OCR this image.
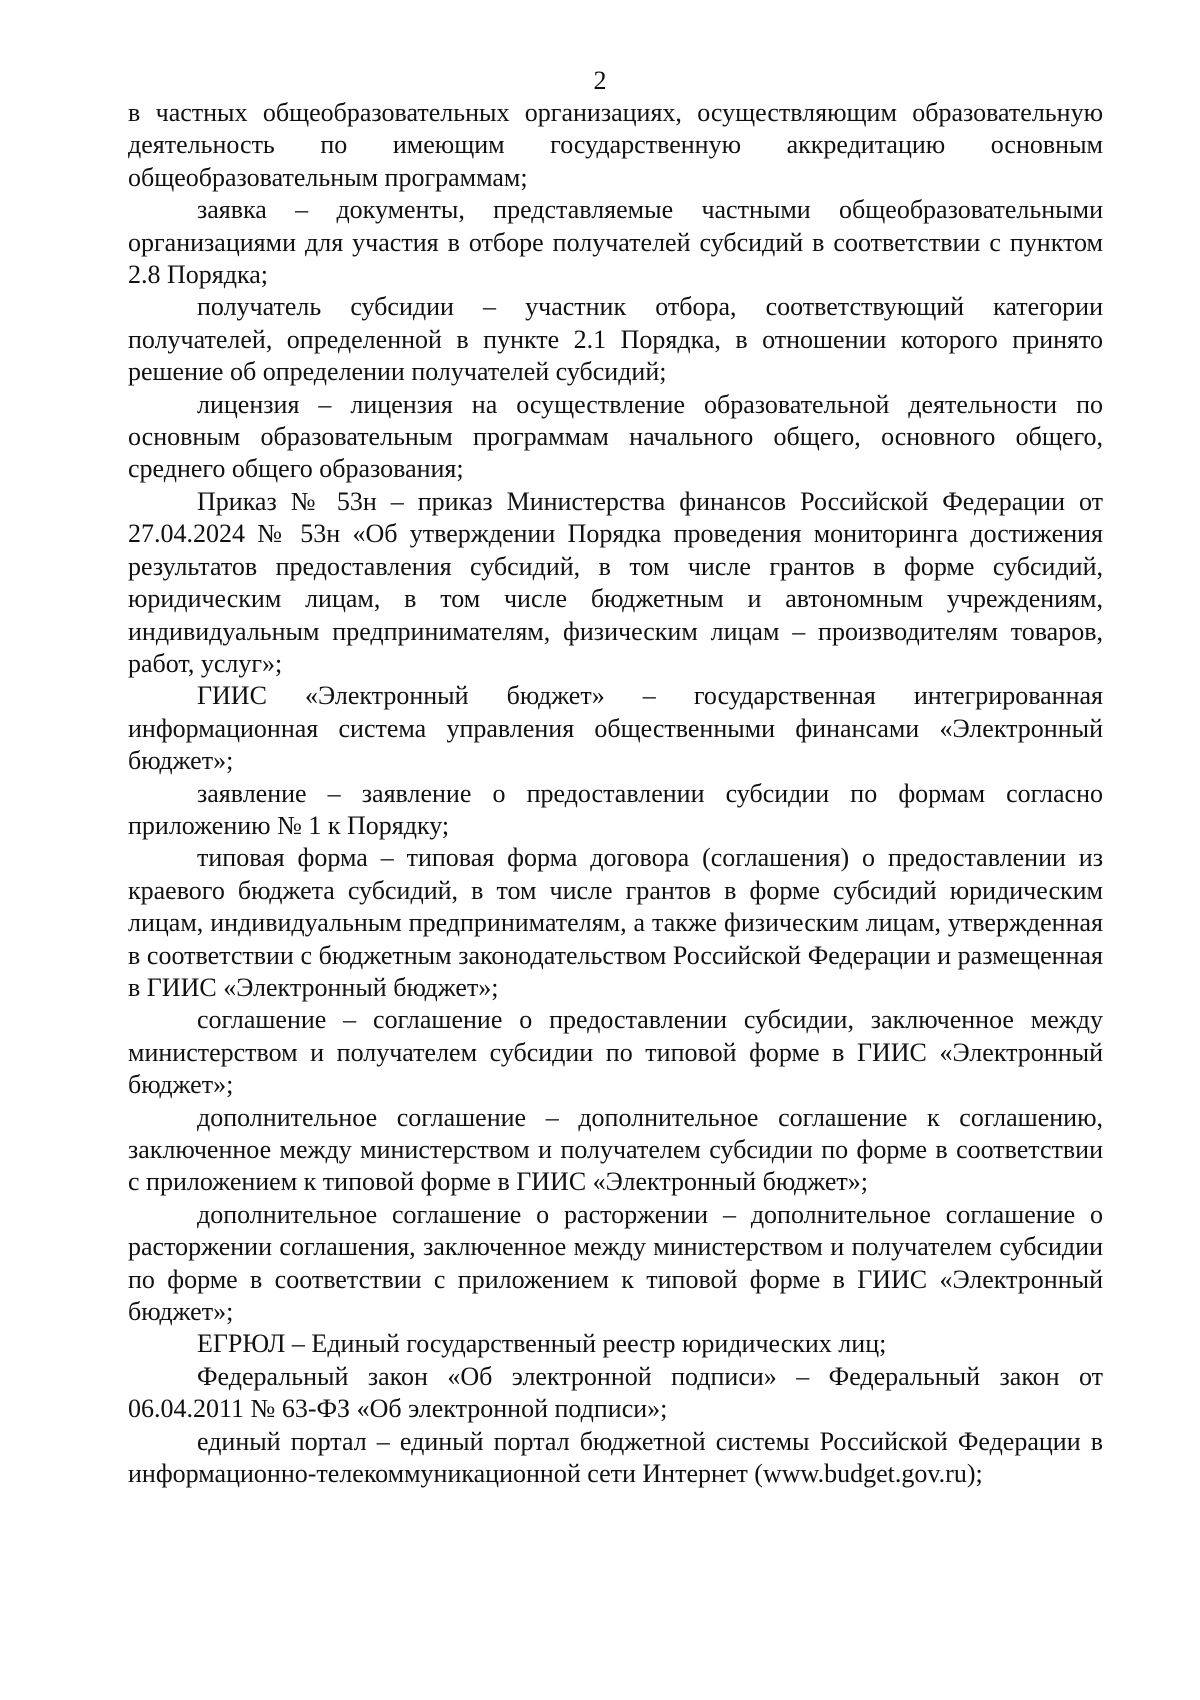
2

в частных общеобразовательных организациях, осуществляющим образовательную деятельность по имеющим государственную аккредитацию основным общеобразовательным программам;

заявка – документы, представляемые частными общеобразовательными организациями для участия в отборе получателей субсидий в соответствии с пунктом 2.8 Порядка;

получатель субсидии – участник отбора, соответствующий категории получателей, определенной в пункте 2.1 Порядка, в отношении которого принято решение об определении получателей субсидий;

лицензия – лицензия на осуществление образовательной деятельности по основным образовательным программам начального общего, основного общего, среднего общего образования;

Приказ № 53н – приказ Министерства финансов Российской Федерации от 27.04.2024 № 53н «Об утверждении Порядка проведения мониторинга достижения результатов предоставления субсидий, в том числе грантов в форме субсидий, юридическим лицам, в том числе бюджетным и автономным учреждениям, индивидуальным предпринимателям, физическим лицам – производителям товаров, работ, услуг»;

ГИИС «Электронный бюджет» – государственная интегрированная информационная система управления общественными финансами «Электронный бюджет»;

заявление – заявление о предоставлении субсидии по формам согласно приложению № 1 к Порядку;

типовая форма – типовая форма договора (соглашения) о предоставлении из краевого бюджета субсидий, в том числе грантов в форме субсидий юридическим лицам, индивидуальным предпринимателям, а также физическим лицам, утвержденная в соответствии с бюджетным законодательством Российской Федерации и размещенная в ГИИС «Электронный бюджет»;

соглашение – соглашение о предоставлении субсидии, заключенное между министерством и получателем субсидии по типовой форме в ГИИС «Электронный бюджет»;

дополнительное соглашение – дополнительное соглашение к соглашению, заключенное между министерством и получателем субсидии по форме в соответствии с приложением к типовой форме в ГИИС «Электронный бюджет»;

дополнительное соглашение о расторжении – дополнительное соглашение о расторжении соглашения, заключенное между министерством и получателем субсидии по форме в соответствии с приложением к типовой форме в ГИИС «Электронный бюджет»;

ЕГРЮЛ – Единый государственный реестр юридических лиц;

Федеральный закон «Об электронной подписи» – Федеральный закон от 06.04.2011 № 63-ФЗ «Об электронной подписи»;

единый портал – единый портал бюджетной системы Российской Федерации в информационно-телекоммуникационной сети Интернет (www.budget.gov.ru);
